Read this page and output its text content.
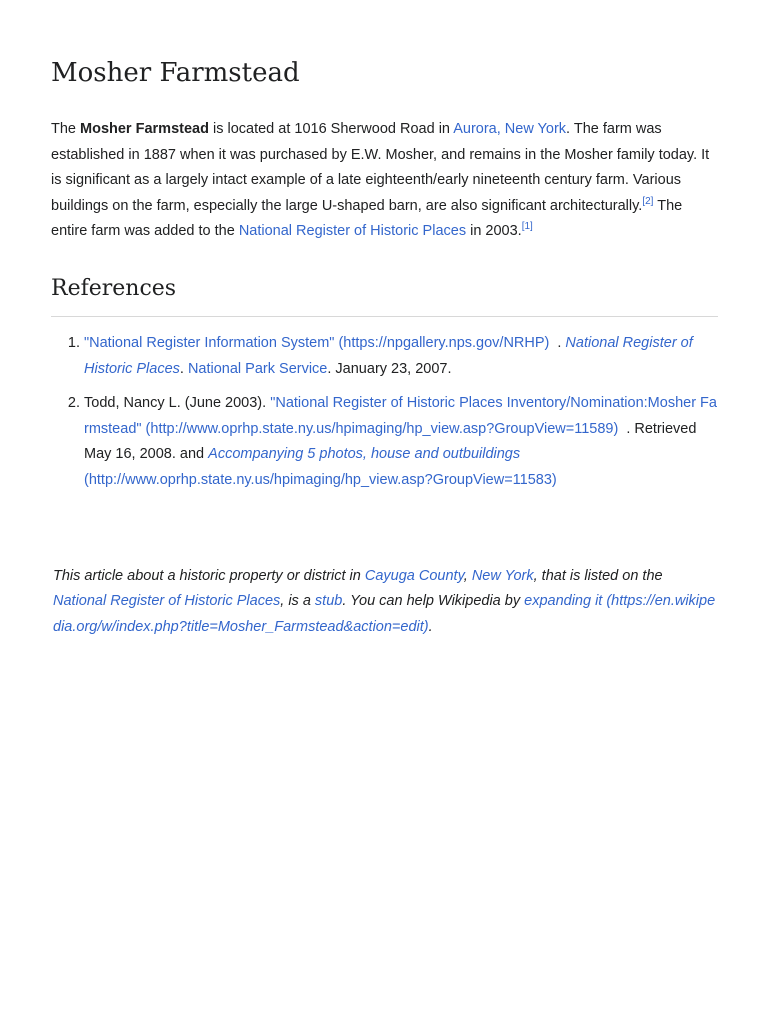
Mosher Farmstead

The Mosher Farmstead is located at 1016 Sherwood Road in Aurora, New York. The farm was established in 1887 when it was purchased by E.W. Mosher, and remains in the Mosher family today. It is significant as a largely intact example of a late eighteenth/early nineteenth century farm. Various buildings on the farm, especially the large U-shaped barn, are also significant architecturally.[2] The entire farm was added to the National Register of Historic Places in 2003.[1]

References
1. "National Register Information System" (https://npgallery.nps.gov/NRHP) . National Register of Historic Places. National Park Service. January 23, 2007.
2. Todd, Nancy L. (June 2003). "National Register of Historic Places Inventory/Nomination:Mosher Farmstead" (http://www.oprhp.state.ny.us/hpimaging/hp_view.asp?GroupView=11589) . Retrieved May 16, 2008. and Accompanying 5 photos, house and outbuildings (http://www.oprhp.state.ny.us/hpimaging/hp_view.asp?GroupView=11583)

This article about a historic property or district in Cayuga County, New York, that is listed on the National Register of Historic Places, is a stub. You can help Wikipedia by expanding it (https://en.wikipedia.org/w/index.php?title=Mosher_Farmstead&action=edit).
